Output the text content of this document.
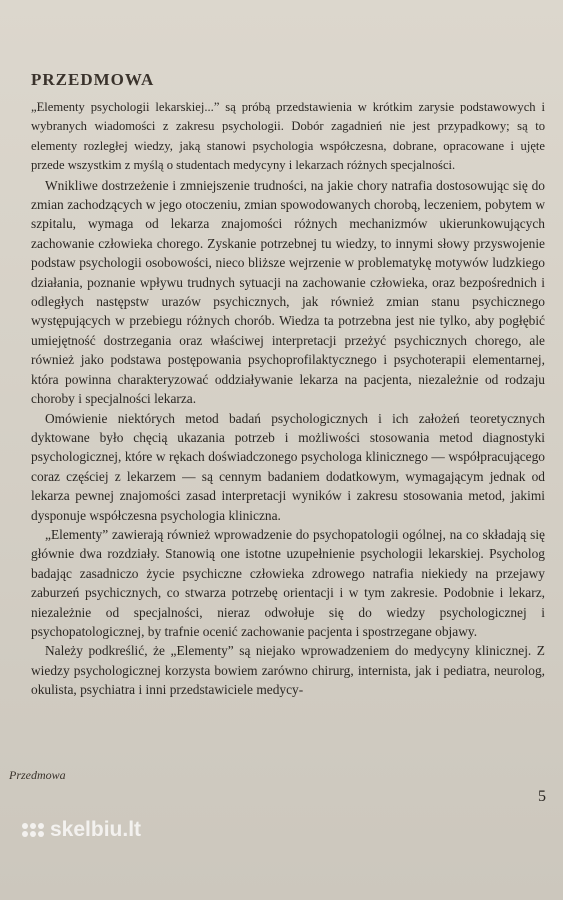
PRZEDMOWA

„Elementy psychologii lekarskiej...” są próbą przedstawienia w krótkim zarysie podstawowych i wybranych wiadomości z zakresu psychologii. Dobór zagadnień nie jest przypadkowy; są to elementy rozległej wiedzy, jaką stanowi psychologia współczesna, dobrane, opracowane i ujęte przede wszystkim z myślą o studentach medycyny i lekarzach różnych specjalności.

Wnikliwe dostrzeżenie i zmniejszenie trudności, na jakie chory natrafia dostosowując się do zmian zachodzących w jego otoczeniu, zmian spowodowanych chorobą, leczeniem, pobytem w szpitalu, wymaga od lekarza znajomości różnych mechanizmów ukierunkowujących zachowanie człowieka chorego. Zyskanie potrzebnej tu wiedzy, to innymi słowy przyswojenie podstaw psychologii osobowości, nieco bliższe wejrzenie w problematykę motywów ludzkiego działania, poznanie wpływu trudnych sytuacji na zachowanie człowieka, oraz bezpośrednich i odległych następstw urazów psychicznych, jak również zmian stanu psychicznego występujących w przebiegu różnych chorób. Wiedza ta potrzebna jest nie tylko, aby pogłębić umiejętność dostrzegania oraz właściwej interpretacji przeżyć psychicznych chorego, ale również jako podstawa postępowania psychoprofilaktycznego i psychoterapii elementarnej, która powinna charakteryzować oddziaływanie lekarza na pacjenta, niezależnie od rodzaju choroby i specjalności lekarza.

Omówienie niektórych metod badań psychologicznych i ich założeń teoretycznych dyktowane było chęcią ukazania potrzeb i możliwości stosowania metod diagnostyki psychologicznej, które w rękach doświadczonego psychologa klinicznego — współpracującego coraz częściej z lekarzem — są cennym badaniem dodatkowym, wymagającym jednak od lekarza pewnej znajomości zasad interpretacji wyników i zakresu stosowania metod, jakimi dysponuje współczesna psychologia kliniczna.

„Elementy” zawierają również wprowadzenie do psychopatologii ogólnej, na co składają się głównie dwa rozdziały. Stanowią one istotne uzupełnienie psychologii lekarskiej. Psycholog badając zasadniczo życie psychiczne człowieka zdrowego natrafia niekiedy na przejawy zaburzeń psychicznych, co stwarza potrzebę orientacji i w tym zakresie. Podobnie i lekarz, niezależnie od specjalności, nieraz odwołuje się do wiedzy psychologicznej i psychopatologicznej, by trafnie ocenić zachowanie pacjenta i spostrzegane objawy.

Należy podkreślić, że „Elementy” są niejako wprowadzeniem do medycyny klinicznej. Z wiedzy psychologicznej korzysta bowiem zarówno chirurg, internista, jak i pediatra, neurolog, okulista, psychiatra i inni przedstawiciele medycy-

Przedmowa
5
skelbiu.lt
